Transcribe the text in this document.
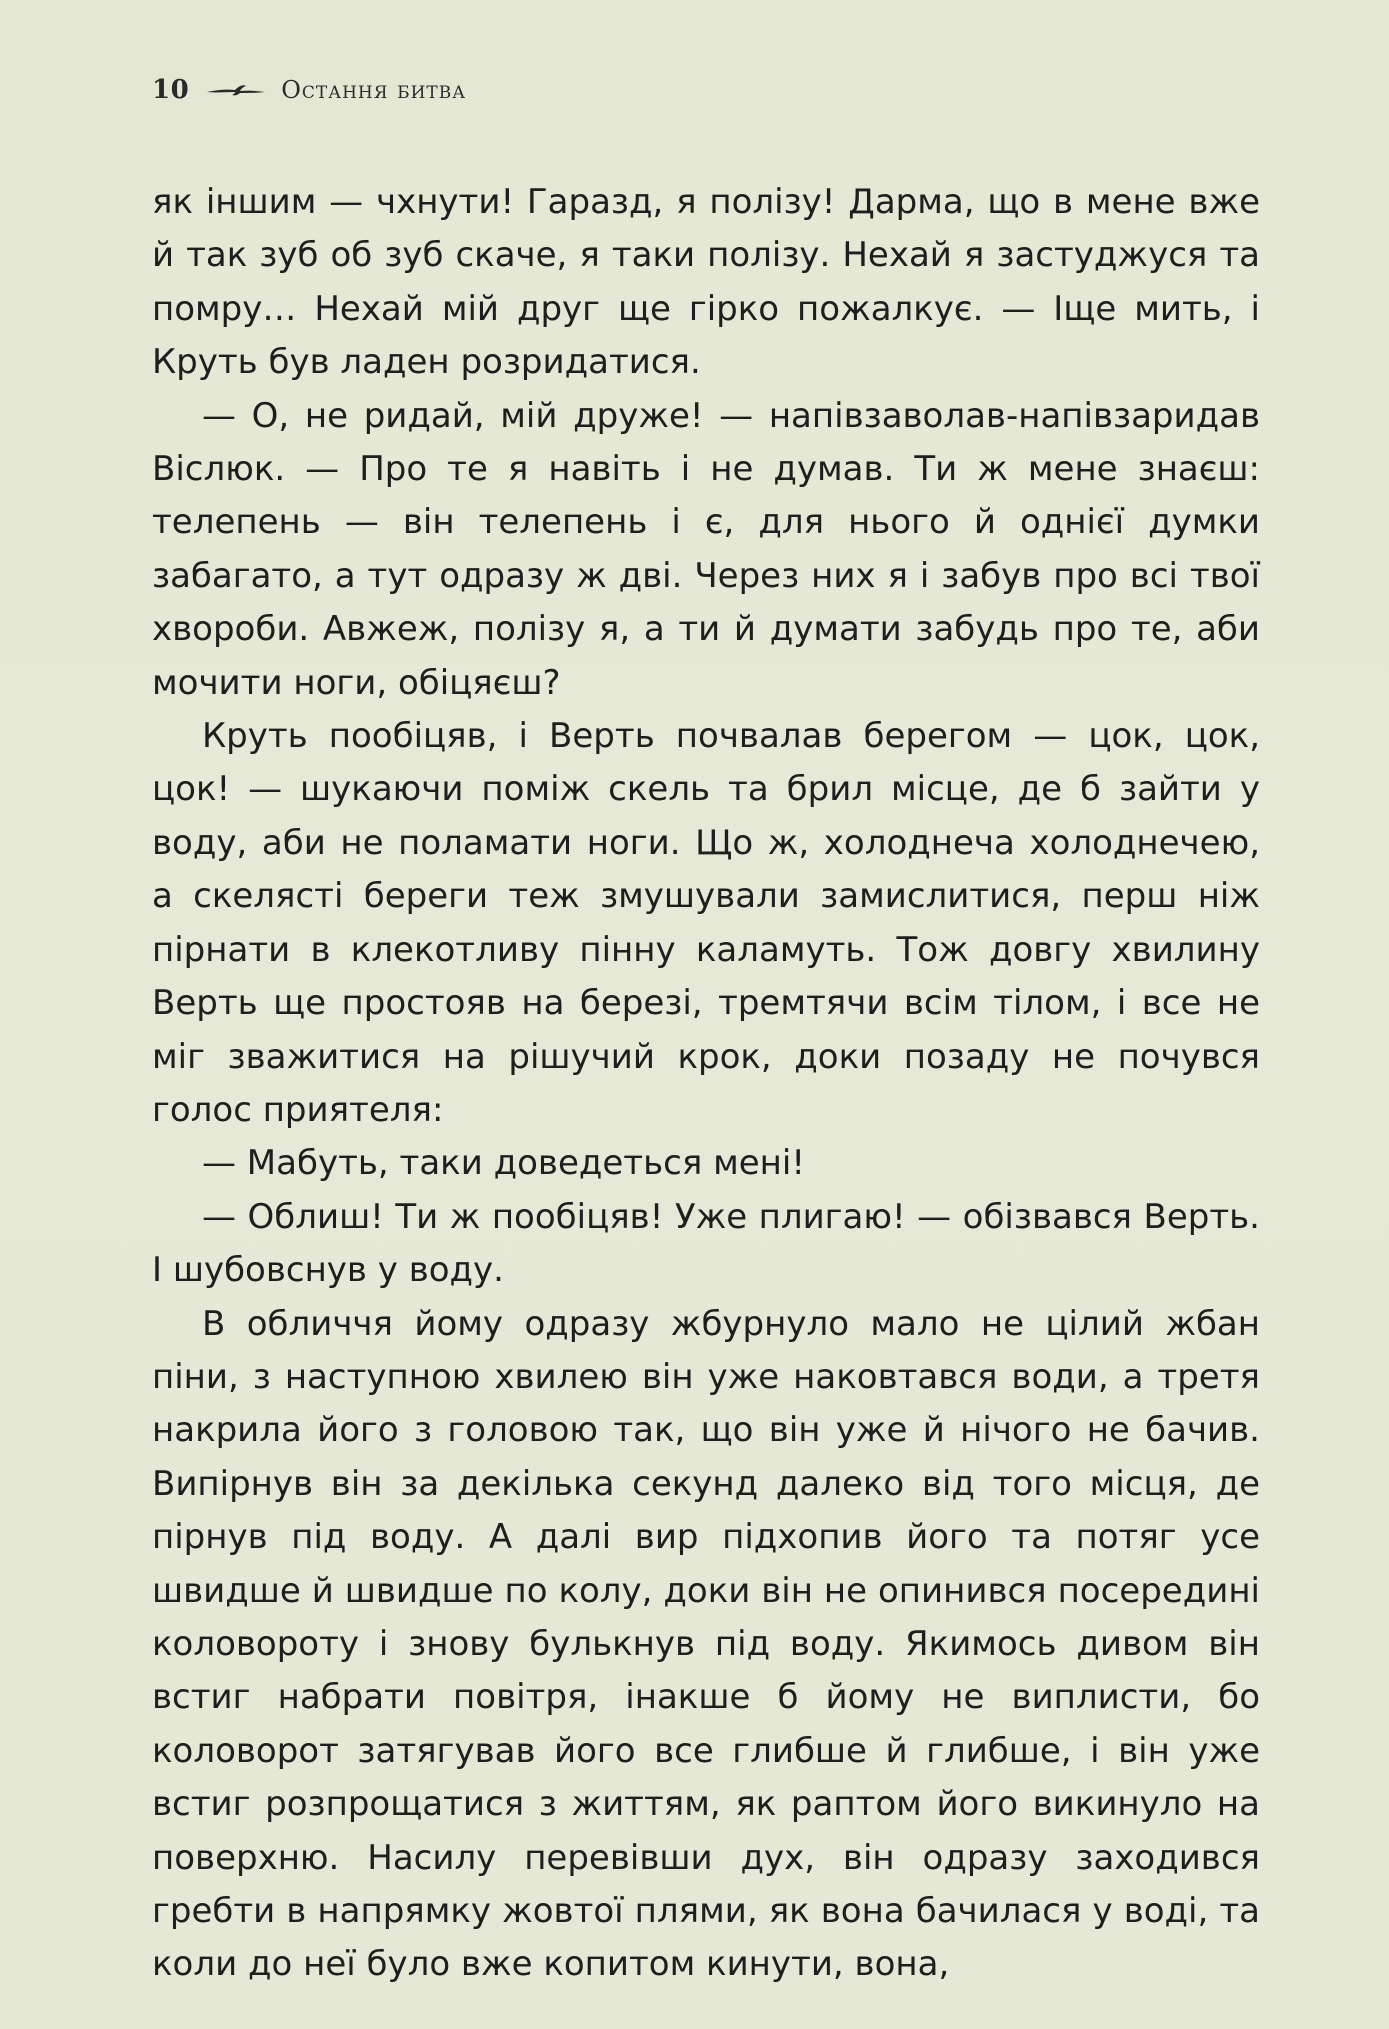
10	Остання битва

як іншим — чхнути! Гаразд, я полізу! Дарма, що в мене вже й так зуб об зуб скаче, я таки полізу. Нехай я застуджуся та помру… Нехай мій друг ще гірко пожалкує. — Іще мить, і Круть був ладен розридатися.

— О, не ридай, мій друже! — напівзаволав-напівзаридав Віслюк. — Про те я навіть і не думав. Ти ж мене знаєш: телепень — він телепень і є, для нього й однієї думки забагато, а тут одразу ж дві. Через них я і забув про всі твої хвороби. Авжеж, полізу я, а ти й думати забудь про те, аби мочити ноги, обіцяєш?

Круть пообіцяв, і Верть почвалав берегом — цок, цок, цок! — шукаючи поміж скель та брил місце, де б зайти у воду, аби не поламати ноги. Що ж, холоднеча холоднечею, а скелясті береги теж змушували замислитися, перш ніж пірнати в клекотливу пінну каламуть. Тож довгу хвилину Верть ще простояв на березі, тремтячи всім тілом, і все не міг зважитися на рішучий крок, доки позаду не почувся голос приятеля:

— Мабуть, таки доведеться мені!

— Облиш! Ти ж пообіцяв! Уже плигаю! — обізвався Верть. І шубовснув у воду.

В обличчя йому одразу жбурнуло мало не цілий жбан піни, з наступною хвилею він уже наковтався води, а третя накрила його з головою так, що він уже й нічого не бачив. Випірнув він за декілька секунд далеко від того місця, де пірнув під воду. А далі вир підхопив його та потяг усе швидше й швидше по колу, доки він не опинився посередині коловороту і знову булькнув під воду. Якимось дивом він встиг набрати повітря, інакше б йому не виплисти, бо коловорот затягував його все глибше й глибше, і він уже встиг розпрощатися з життям, як раптом його викинуло на поверхню. Насилу перевівши дух, він одразу заходився гребти в напрямку жовтої плями, як вона бачилася у воді, та коли до неї було вже копитом кинути, вона,
